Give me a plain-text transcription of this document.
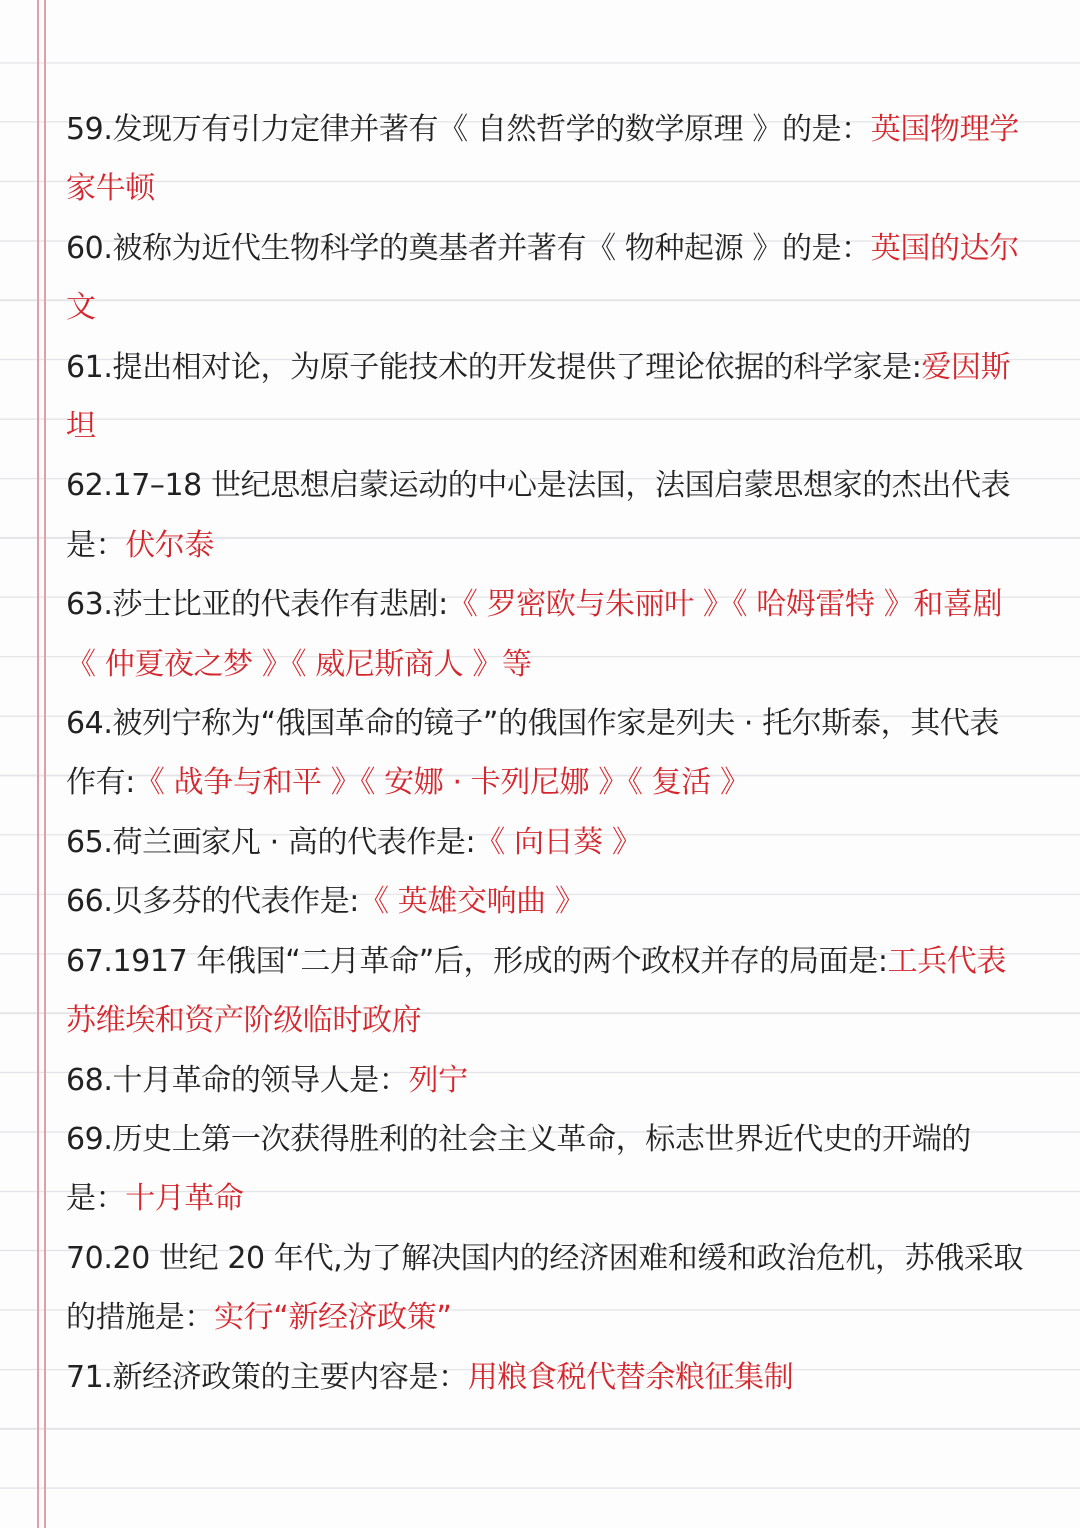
59.发现万有引力定律并著有《 自然哲学的数学原理 》的是：英国物理学家牛顿
60.被称为近代生物科学的奠基者并著有《 物种起源 》的是：英国的达尔文
61.提出相对论，为原子能技术的开发提供了理论依据的科学家是:爱因斯坦
62.17–18 世纪思想启蒙运动的中心是法国，法国启蒙思想家的杰出代表是：伏尔泰
63.莎士比亚的代表作有悲剧:《 罗密欧与朱丽叶 》《 哈姆雷特 》和喜剧《 仲夏夜之梦 》《 威尼斯商人 》等
64.被列宁称为“俄国革命的镜子”的俄国作家是列夫 · 托尔斯泰，其代表作有:《 战争与和平 》《 安娜 · 卡列尼娜 》《 复活 》
65.荷兰画家凡 · 高的代表作是:《 向日葵 》
66.贝多芬的代表作是:《 英雄交响曲 》
67.1917 年俄国“二月革命”后，形成的两个政权并存的局面是:工兵代表苏维埃和资产阶级临时政府
68.十月革命的领导人是：列宁
69.历史上第一次获得胜利的社会主义革命，标志世界近代史的开端的是：十月革命
70.20 世纪 20 年代,为了解决国内的经济困难和缓和政治危机，苏俄采取的措施是：实行“新经济政策”
71.新经济政策的主要内容是：用粮食税代替余粮征集制
